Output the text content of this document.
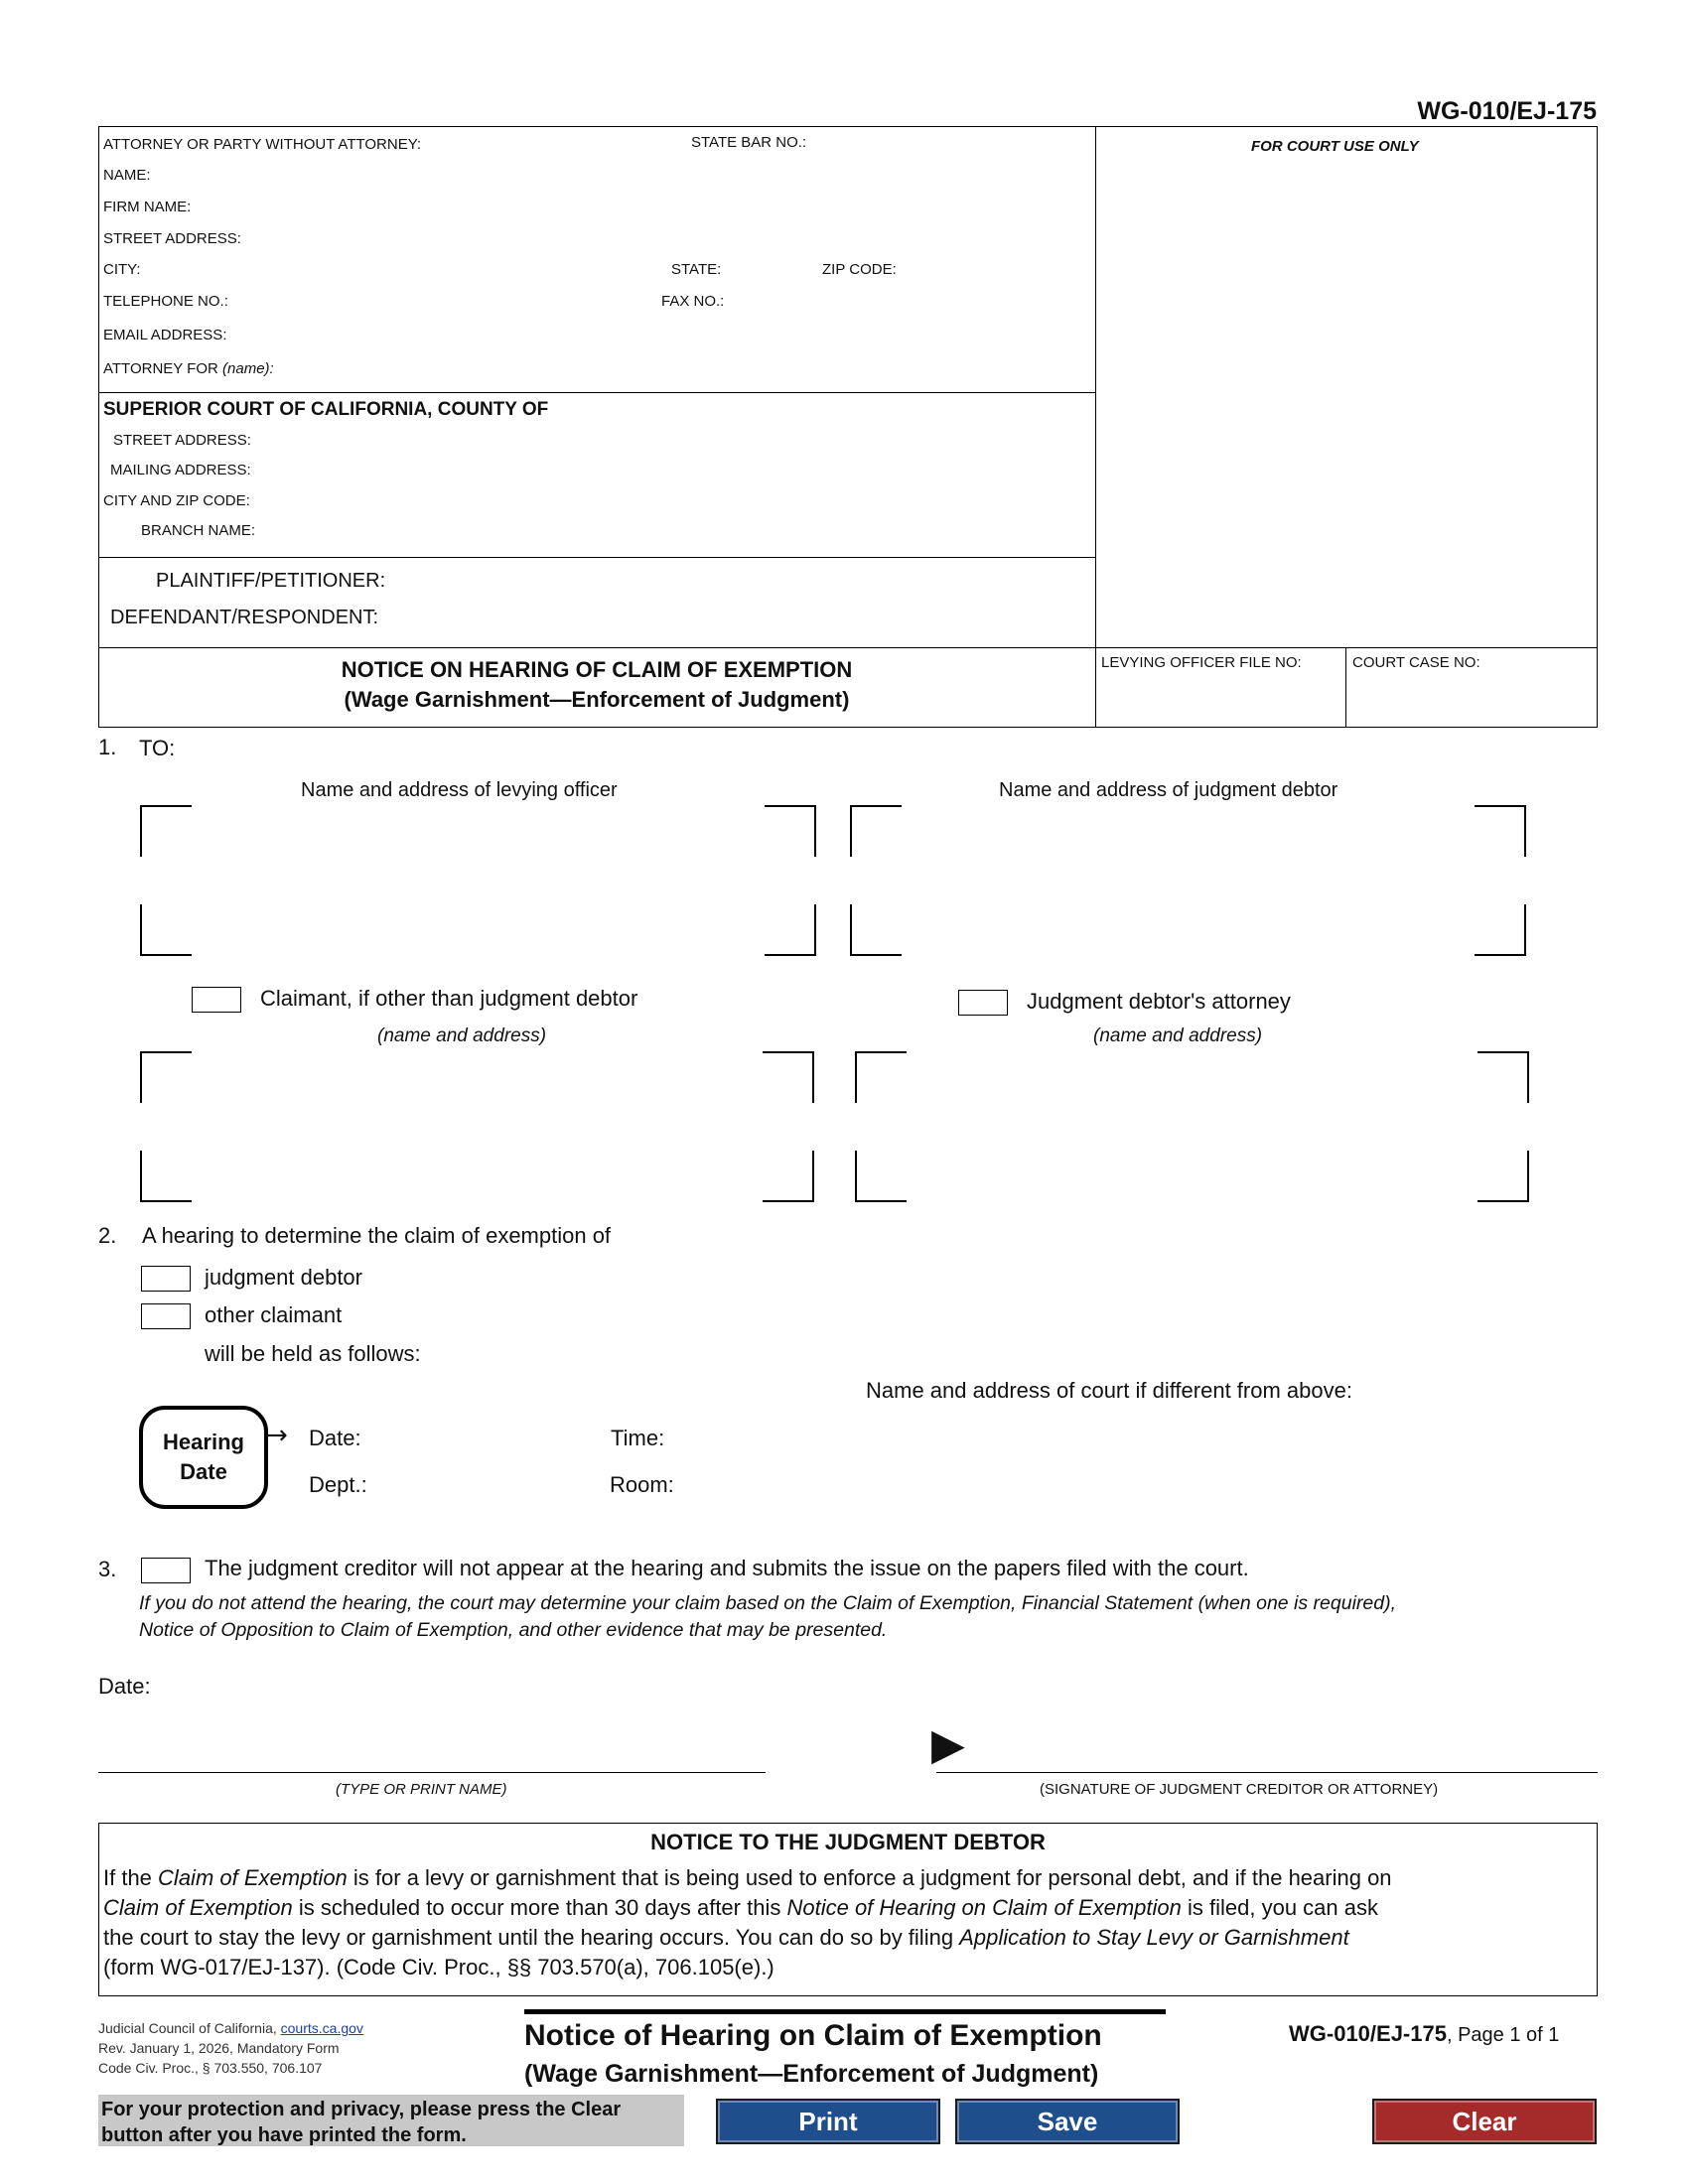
WG-010/EJ-175
ATTORNEY OR PARTY WITHOUT ATTORNEY:	STATE BAR NO.:
NAME:
FIRM NAME:
STREET ADDRESS:
CITY:	STATE:	ZIP CODE:
TELEPHONE NO.:	FAX NO.:
EMAIL ADDRESS:
ATTORNEY FOR (name):
FOR COURT USE ONLY
SUPERIOR COURT OF CALIFORNIA, COUNTY OF
STREET ADDRESS:
MAILING ADDRESS:
CITY AND ZIP CODE:
BRANCH NAME:
PLAINTIFF/PETITIONER:
DEFENDANT/RESPONDENT:
NOTICE ON HEARING OF CLAIM OF EXEMPTION
(Wage Garnishment—Enforcement of Judgment)
LEVYING OFFICER FILE NO:	COURT CASE NO:
1. TO:
Name and address of levying officer	Name and address of judgment debtor
Claimant, if other than judgment debtor
(name and address)
Judgment debtor's attorney
(name and address)
2. A hearing to determine the claim of exemption of
judgment debtor
other claimant
will be held as follows:
Name and address of court if different from above:
Hearing
Date
→ Date:	Time:
Dept.:	Room:
3.	The judgment creditor will not appear at the hearing and submits the issue on the papers filed with the court.
If you do not attend the hearing, the court may determine your claim based on the Claim of Exemption, Financial Statement (when one is required),
Notice of Opposition to Claim of Exemption, and other evidence that may be presented.
Date:
▶
(TYPE OR PRINT NAME)	(SIGNATURE OF JUDGMENT CREDITOR OR ATTORNEY)
NOTICE TO THE JUDGMENT DEBTOR
If the Claim of Exemption is for a levy or garnishment that is being used to enforce a judgment for personal debt, and if the hearing on
Claim of Exemption is scheduled to occur more than 30 days after this Notice of Hearing on Claim of Exemption is filed, you can ask
the court to stay the levy or garnishment until the hearing occurs. You can do so by filing Application to Stay Levy or Garnishment
(form WG-017/EJ-137). (Code Civ. Proc., §§ 703.570(a), 706.105(e).)
Judicial Council of California, courts.ca.gov
Rev. January 1, 2026, Mandatory Form
Code Civ. Proc., § 703.550, 706.107
Notice of Hearing on Claim of Exemption
(Wage Garnishment—Enforcement of Judgment)
WG-010/EJ-175, Page 1 of 1
For your protection and privacy, please press the Clear button after you have printed the form.	Print	Save	Clear
